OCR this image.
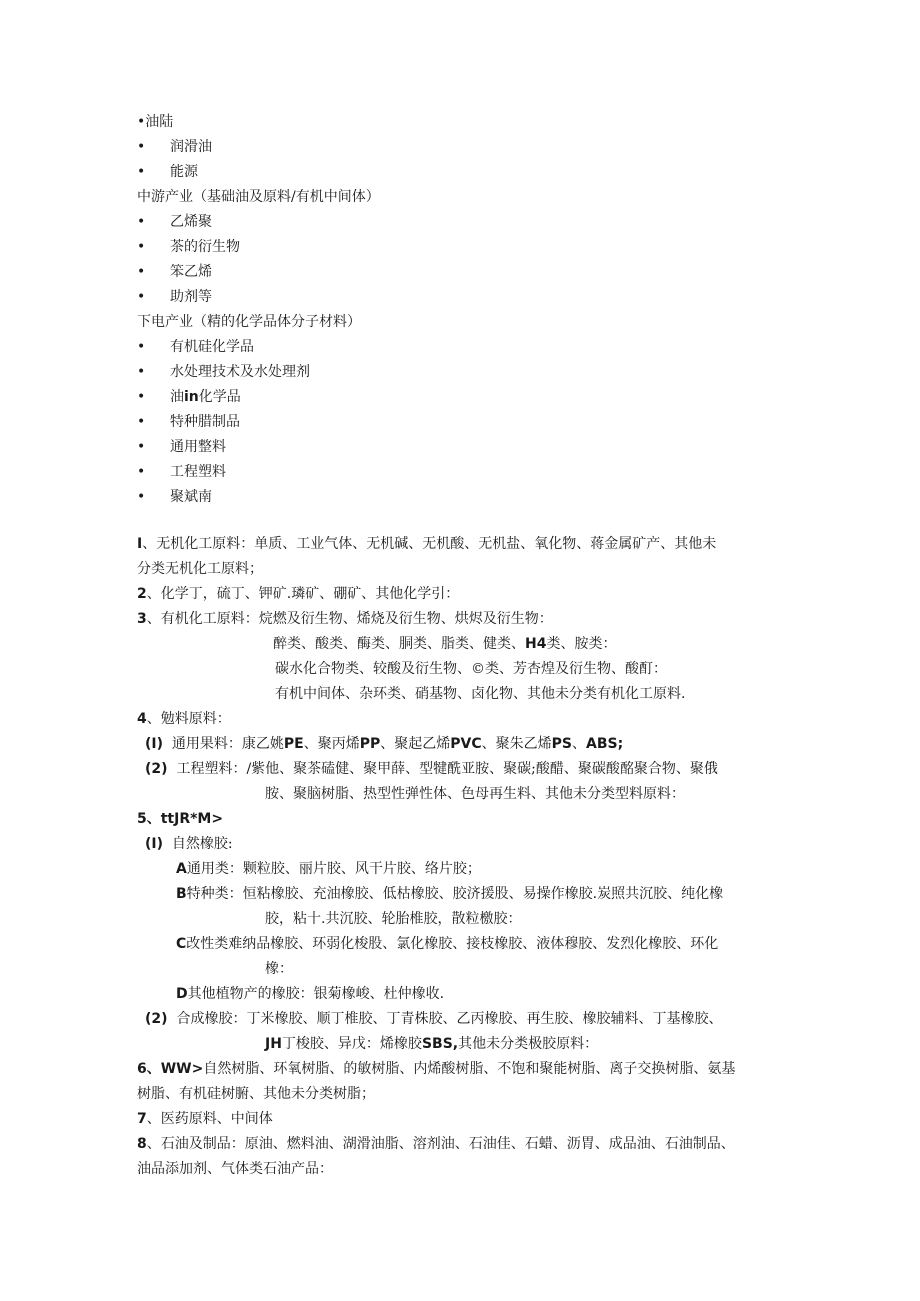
•油陆
• 润滑油
• 能源
中游产业（基础油及原料/有机中间体）
• 乙烯聚
• 茶的衍生物
• 笨乙烯
• 助剂等
下电产业（精的化学品体分子材料）
• 有机硅化学品
• 水处理技术及水处理剂
• 油in化学品
• 特种腊制品
• 通用整料
• 工程塑料
• 聚斌南
I、无机化工原料：单质、工业气体、无机碱、无机酸、无机盐、氧化物、蒋金属矿产、其他未
分类无机化工原料；
2、化学丁，硫丁、钾矿.璘矿、硼矿、其他化学引：
3、有机化工原料：烷燃及衍生物、烯烧及衍生物、烘烬及衍生物：
醉类、酸类、酶类、胴类、脂类、健类、H4类、胺类：
碳水化合物类、较酸及衍生物、©类、芳杏煌及衍生物、酸酊：
有机中间体、杂环类、硝基物、卤化物、其他未分类有机化工原料.
4、勉料原料：
(I) 通用果料：康乙姚PE、聚丙烯PP、聚起乙烯PVC、聚朱乙烯PS、ABS;
(2) 工程塑料：/紫他、聚茶磕健、聚甲薛、型犍酰亚胺、聚碳;酸醋、聚碳酸酩聚合物、聚俄
胺、聚脑树脂、热型性弹性体、色母再生料、其他未分类型料原料：
5、ttJR*M>
(I) 自然橡胶:
A通用类：颗粒胶、丽片胶、风干片胶、络片胶；
B特种类：恒粘橡胶、充油橡胶、低枯橡胶、胶济援股、易操作橡胶.炭照共沉胶、纯化橡
胶，粘十.共沉胶、轮胎椎胶，散粒檄胶：
C改性类难纳品橡胶、环弱化梭股、氯化橡胶、接枝橡胶、液体穆胶、发烈化橡胶、环化
橡：
D其他植物产的橡胶：银菊橡峻、杜仲橡收.
(2) 合成橡胶：丁米橡胶、顺丁椎胶、丁青株胶、乙丙橡胶、再生胶、橡胶辅料、丁基橡胶、
JH丁梭胶、异戊：烯橡胶SBS,其他未分类极胶原料：
6、WW>自然树脂、环氧树脂、的敏树脂、内烯酸树脂、不饱和聚能树脂、离子交换树脂、氨基
树脂、有机硅树腑、其他未分类树脂；
7、医药原料、中间体
8、石油及制品：原油、燃料油、湖滑油脂、溶剂油、石油佳、石蜡、沥胃、成品油、石油制品、
油品添加剂、气体类石油产品：
